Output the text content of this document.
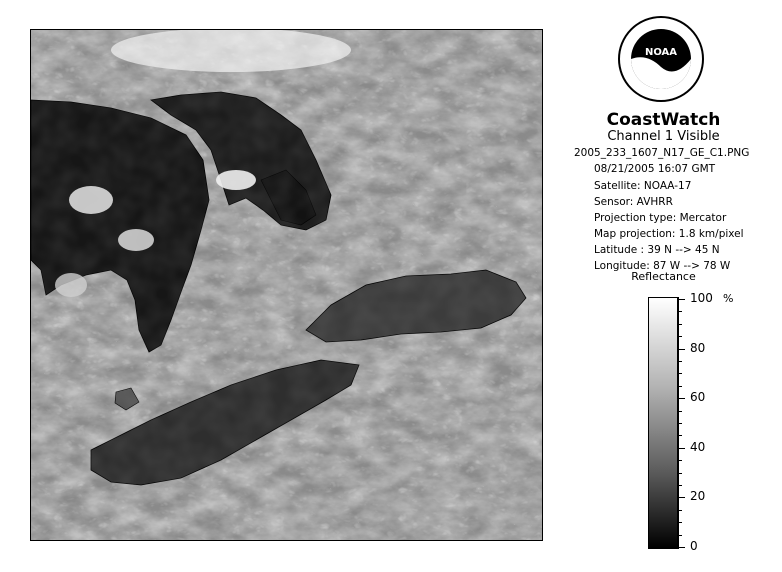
NOAA
CoastWatch
Channel 1 Visible
2005_233_1607_N17_GE_C1.PNG
08/21/2005 16:07 GMT
Satellite: NOAA-17
Sensor: AVHRR
Projection type: Mercator
Map projection: 1.8 km/pixel
Latitude : 39 N --> 45 N
Longitude: 87 W --> 78 W
Reflectance
%
100
80
60
40
20
0
